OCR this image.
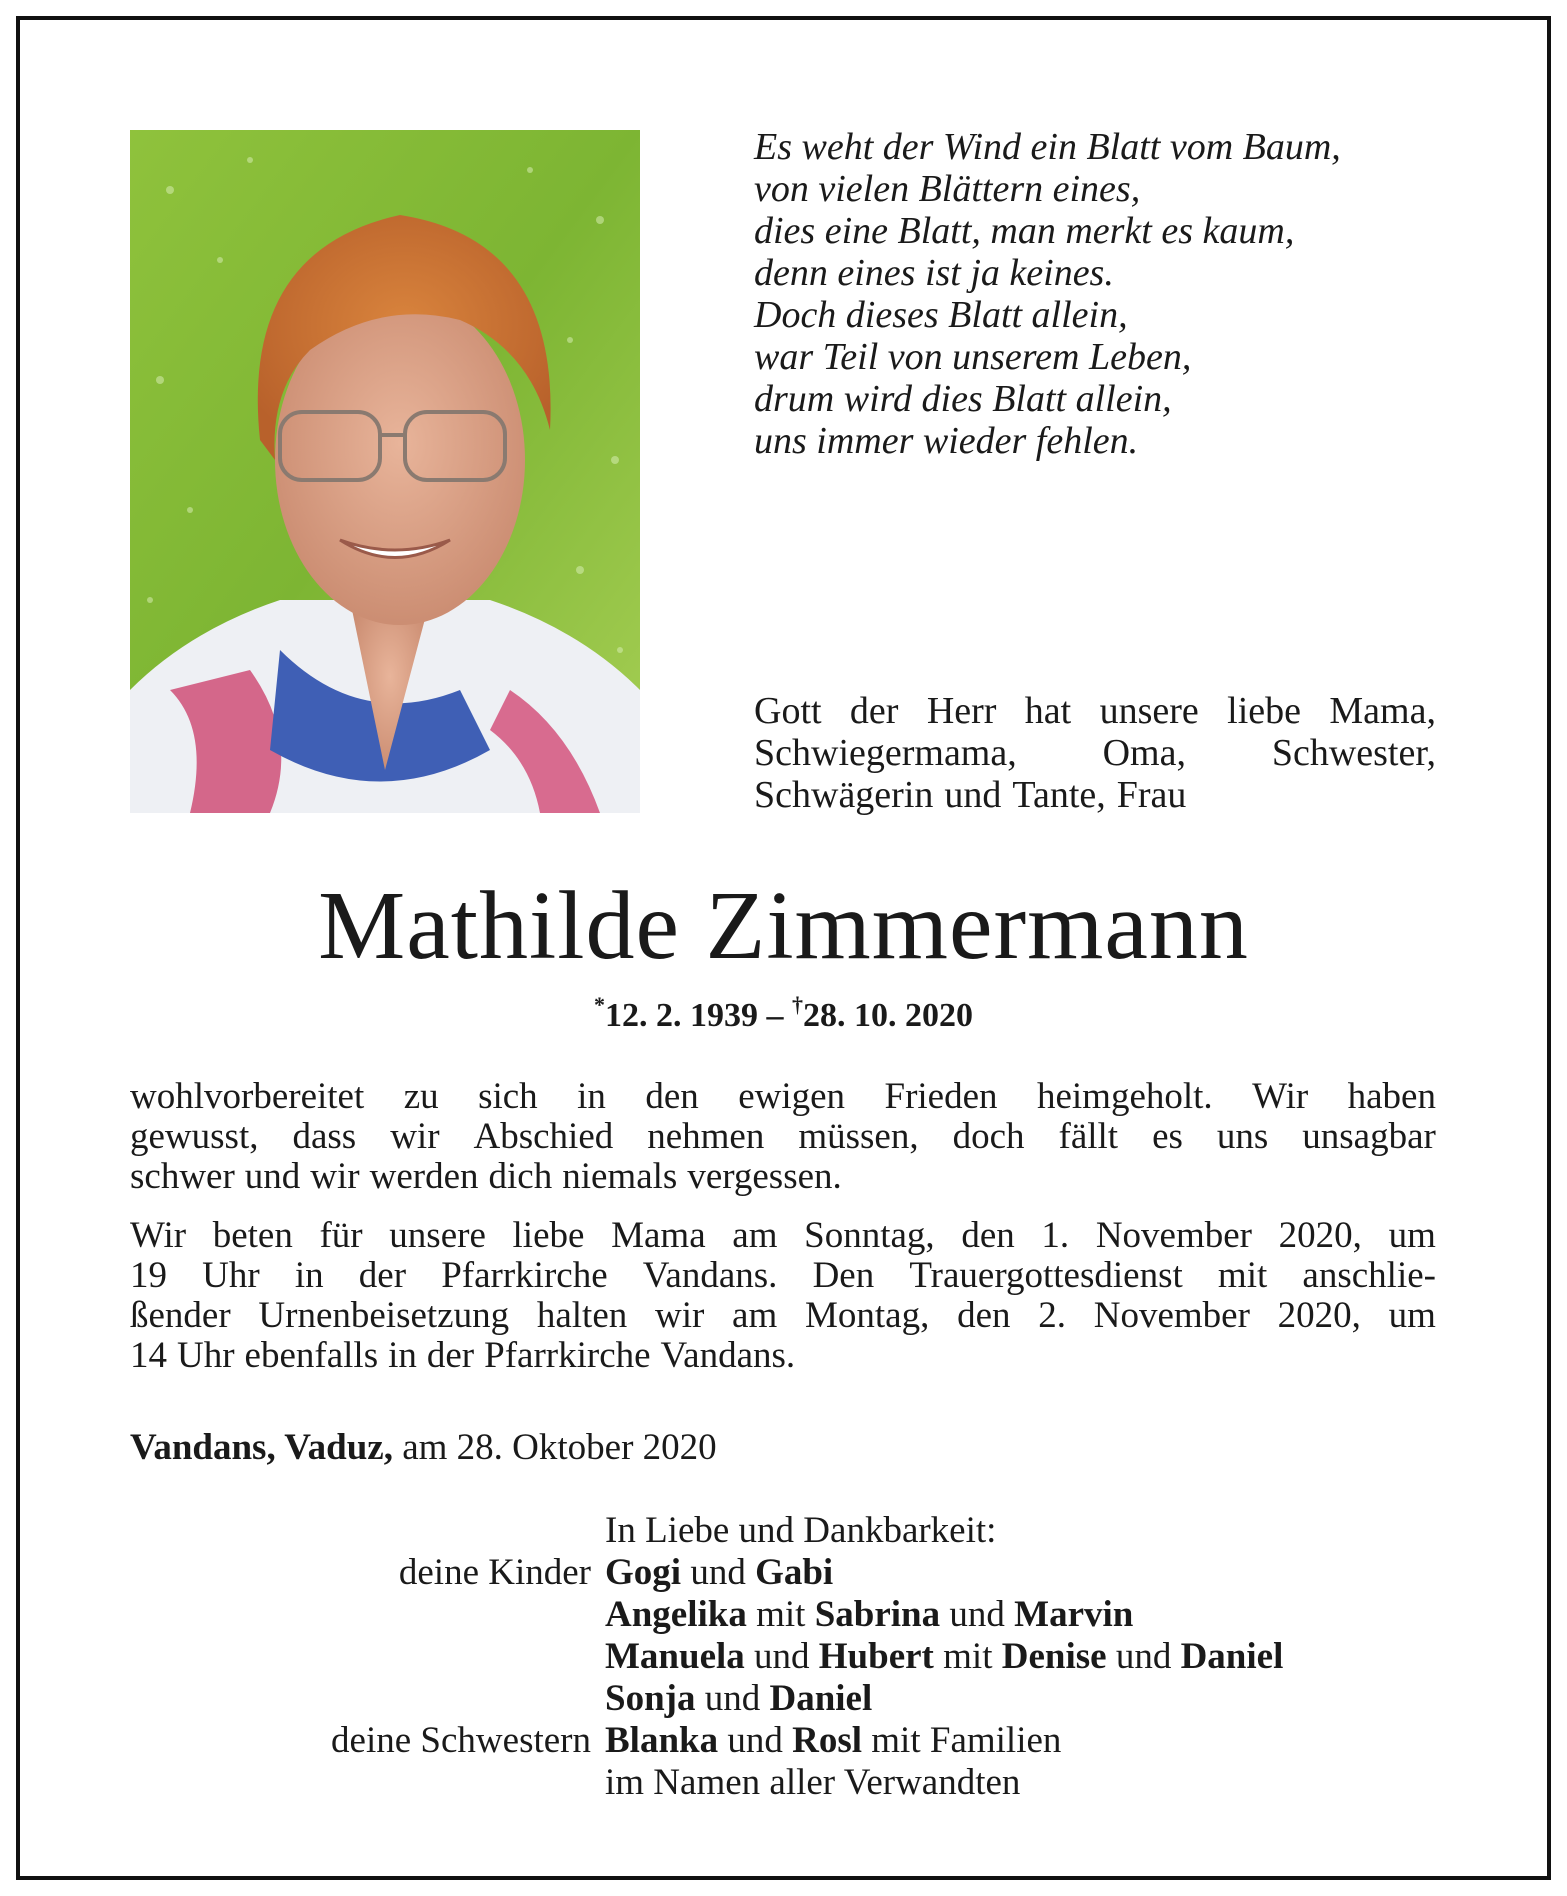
Es weht der Wind ein Blatt vom Baum,
von vielen Blättern eines,
dies eine Blatt, man merkt es kaum,
denn eines ist ja keines.
Doch dieses Blatt allein,
war Teil von unserem Leben,
drum wird dies Blatt allein,
uns immer wieder fehlen.
Gott der Herr hat unsere liebe Mama,
Schwiegermama, Oma, Schwester,
Schwägerin und Tante, Frau
Mathilde Zimmermann
*12. 2. 1939 – †28. 10. 2020
wohlvorbereitet zu sich in den ewigen Frieden heimgeholt. Wir haben
gewusst, dass wir Abschied nehmen müssen, doch fällt es uns unsagbar
schwer und wir werden dich niemals vergessen.
Wir beten für unsere liebe Mama am Sonntag, den 1. November 2020, um
19 Uhr in der Pfarrkirche Vandans. Den Trauergottesdienst mit anschlie-
ßender Urnenbeisetzung halten wir am Montag, den 2. November 2020, um
14 Uhr ebenfalls in der Pfarrkirche Vandans.
Vandans, Vaduz, am 28. Oktober 2020
In Liebe und Dankbarkeit:
deine Kinder Gogi und Gabi
Angelika mit Sabrina und Marvin
Manuela und Hubert mit Denise und Daniel
Sonja und Daniel
deine Schwestern Blanka und Rosl mit Familien
im Namen aller Verwandten
